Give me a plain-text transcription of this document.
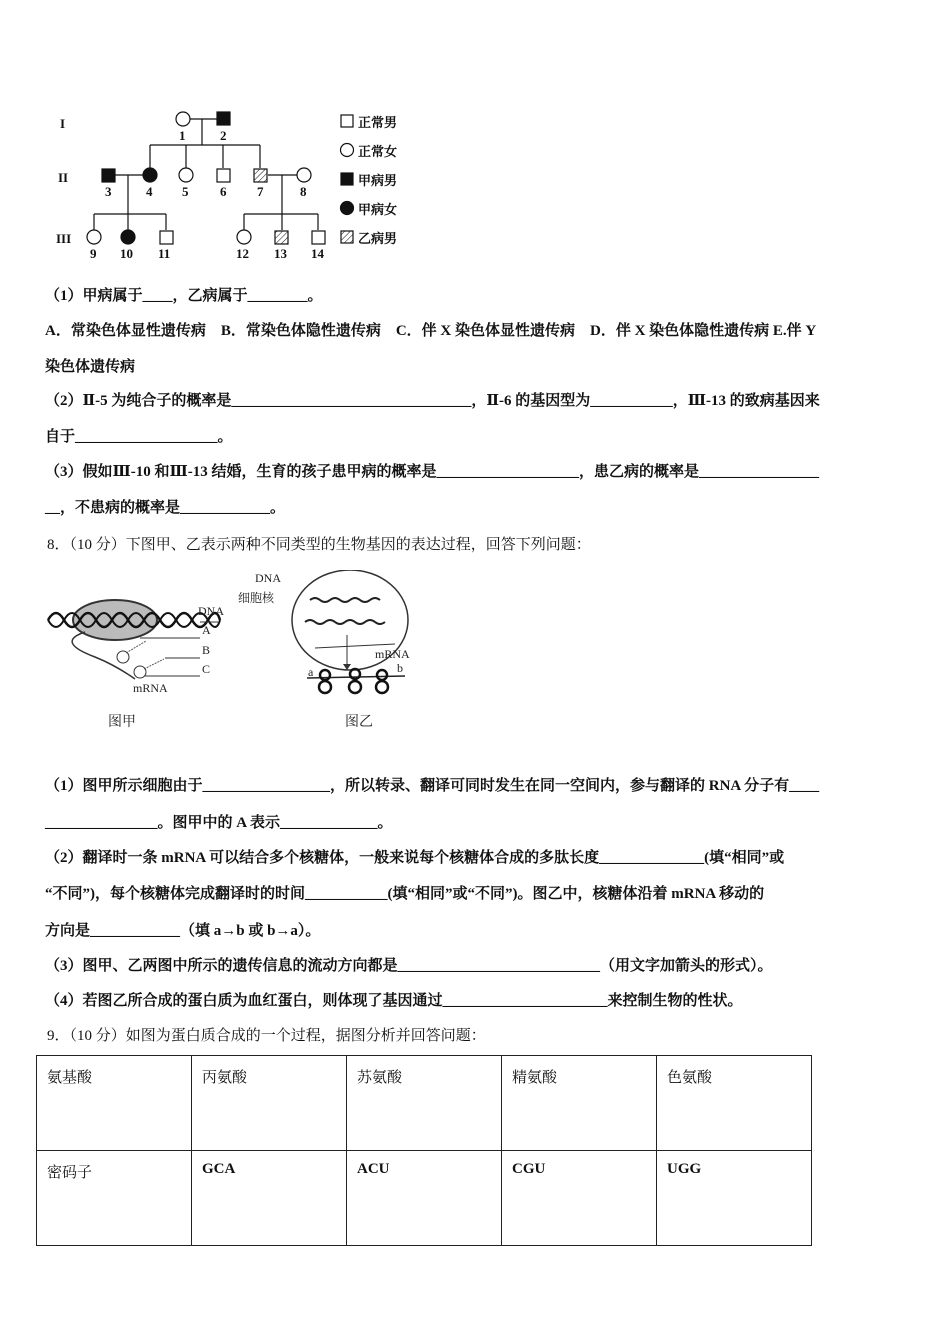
I
II
III
1	2
3	4 5 6 7	8
9 10 11	12 13 14
正常男
正常女
甲病男
甲病女
乙病男
（1）甲病属于____，乙病属于________。
A．常染色体显性遗传病　B．常染色体隐性遗传病　C．伴 X 染色体显性遗传病　D．伴 X 染色体隐性遗传病 E.伴 Y
染色体遗传病
（2）Ⅱ-5 为纯合子的概率是________________________________，Ⅱ-6 的基因型为___________，Ⅲ-13 的致病基因来
自于___________________。
（3）假如Ⅲ-10 和Ⅲ-13 结婚，生育的孩子患甲病的概率是___________________，患乙病的概率是________________
__，不患病的概率是____________。
8．（10 分）下图甲、乙表示两种不同类型的生物基因的表达过程，回答下列问题：
DNA
A
B
C
mRNA
图甲
DNA
细胞核
mRNA
a	b
图乙
（1）图甲所示细胞由于_________________，所以转录、翻译可同时发生在同一空间内，参与翻译的 RNA 分子有____
_______________。图甲中的 A 表示_____________。
（2）翻译时一条 mRNA 可以结合多个核糖体，一般来说每个核糖体合成的多肽长度______________(填“相同”或
“不同”)，每个核糖体完成翻译时的时间___________(填“相同”或“不同”)。图乙中，核糖体沿着 mRNA 移动的
方向是____________（填 a→b 或 b→a）。
（3）图甲、乙两图中所示的遗传信息的流动方向都是___________________________（用文字加箭头的形式）。
（4）若图乙所合成的蛋白质为血红蛋白，则体现了基因通过______________________来控制生物的性状。
9．（10 分）如图为蛋白质合成的一个过程，据图分析并回答问题：
氨基酸	丙氨酸	苏氨酸	精氨酸	色氨酸
密码子	GCA	ACU	CGU	UGG
